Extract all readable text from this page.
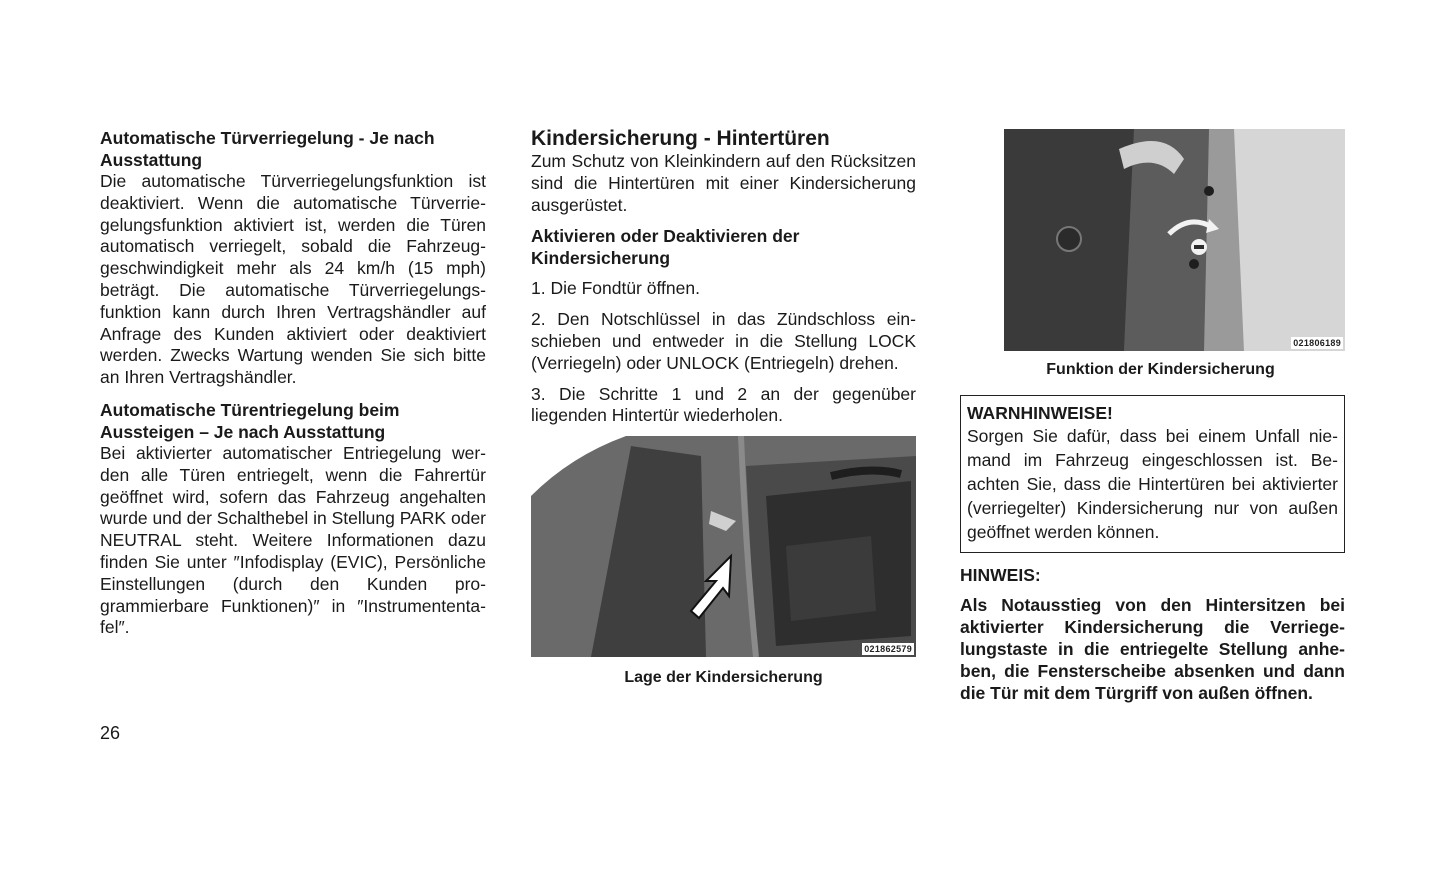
Automatische Türverriegelung - Je nach
Ausstattung

Die automatische Türverriegelungsfunktion ist deaktiviert. Wenn die automatische Türverriegelungsfunktion aktiviert ist, werden die Türen automatisch verriegelt, sobald die Fahrzeuggeschwindigkeit mehr als 24 km/h (15 mph) beträgt. Die automatische Türverriegelungsfunktion kann durch Ihren Vertragshändler auf Anfrage des Kunden aktiviert oder deaktiviert werden. Zwecks Wartung wenden Sie sich bitte an Ihren Vertragshändler.

Automatische Türentriegelung beim
Aussteigen – Je nach Ausstattung

Bei aktivierter automatischer Entriegelung werden alle Türen entriegelt, wenn die Fahrertür geöffnet wird, sofern das Fahrzeug angehalten wurde und der Schalthebel in Stellung PARK oder NEUTRAL steht. Weitere Informationen dazu finden Sie unter ″Infodisplay (EVIC), Persönliche Einstellungen (durch den Kunden programmierbare Funktionen)″ in ″Instrumententafel″.

Kindersicherung - Hintertüren

Zum Schutz von Kleinkindern auf den Rücksitzen sind die Hintertüren mit einer Kindersicherung ausgerüstet.

Aktivieren oder Deaktivieren der
Kindersicherung

1. Die Fondtür öffnen.

2. Den Notschlüssel in das Zündschloss einschieben und entweder in die Stellung LOCK (Verriegeln) oder UNLOCK (Entriegeln) drehen.

3. Die Schritte 1 und 2 an der gegenüber liegenden Hintertür wiederholen.

021862579

Lage der Kindersicherung

021806189

Funktion der Kindersicherung

WARNHINWEISE!

Sorgen Sie dafür, dass bei einem Unfall niemand im Fahrzeug eingeschlossen ist. Beachten Sie, dass die Hintertüren bei aktivierter (verriegelter) Kindersicherung nur von außen geöffnet werden können.

HINWEIS:

Als Notausstieg von den Hintersitzen bei aktivierter Kindersicherung die Verriegelungstaste in die entriegelte Stellung anheben, die Fensterscheibe absenken und dann die Tür mit dem Türgriff von außen öffnen.

26
